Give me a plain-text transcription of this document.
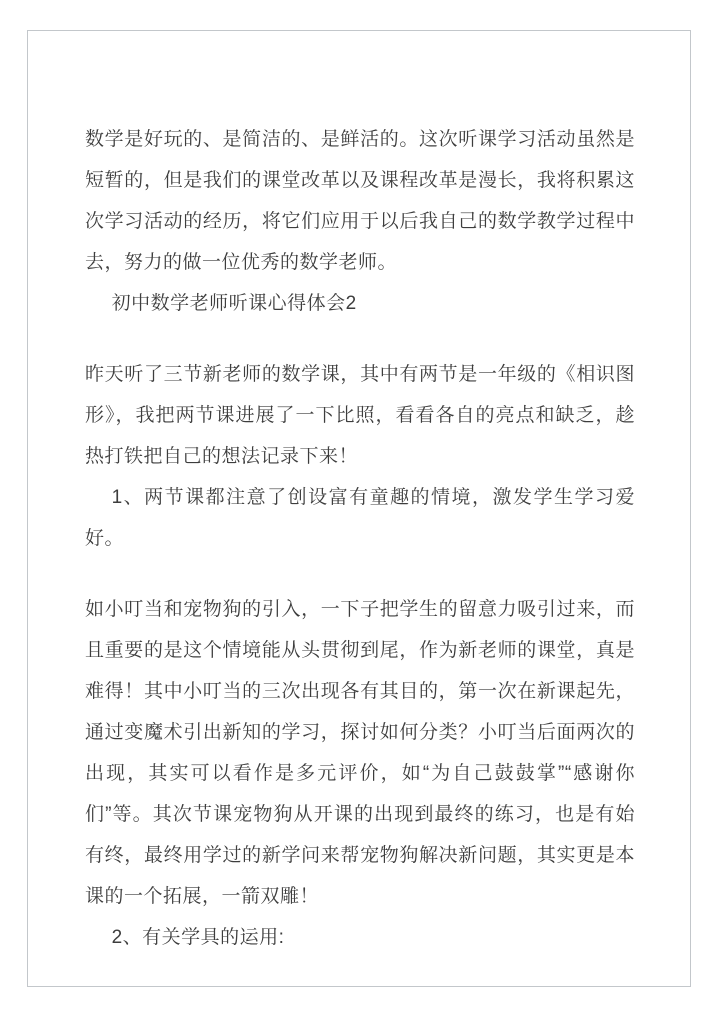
数学是好玩的、是简洁的、是鲜活的。这次听课学习活动虽然是短暂的，但是我们的课堂改革以及课程改革是漫长，我将积累这次学习活动的经历，将它们应用于以后我自己的数学教学过程中去，努力的做一位优秀的数学老师。

初中数学老师听课心得体会2

昨天听了三节新老师的数学课，其中有两节是一年级的《相识图形》，我把两节课进展了一下比照，看看各自的亮点和缺乏，趁热打铁把自己的想法记录下来！

1、两节课都注意了创设富有童趣的情境，激发学生学习爱好。

如小叮当和宠物狗的引入，一下子把学生的留意力吸引过来，而且重要的是这个情境能从头贯彻到尾，作为新老师的课堂，真是难得！其中小叮当的三次出现各有其目的，第一次在新课起先，通过变魔术引出新知的学习，探讨如何分类？小叮当后面两次的出现，其实可以看作是多元评价，如“为自己鼓鼓掌”“感谢你们”等。其次节课宠物狗从开课的出现到最终的练习，也是有始有终，最终用学过的新学问来帮宠物狗解决新问题，其实更是本课的一个拓展，一箭双雕！

2、有关学具的运用:
